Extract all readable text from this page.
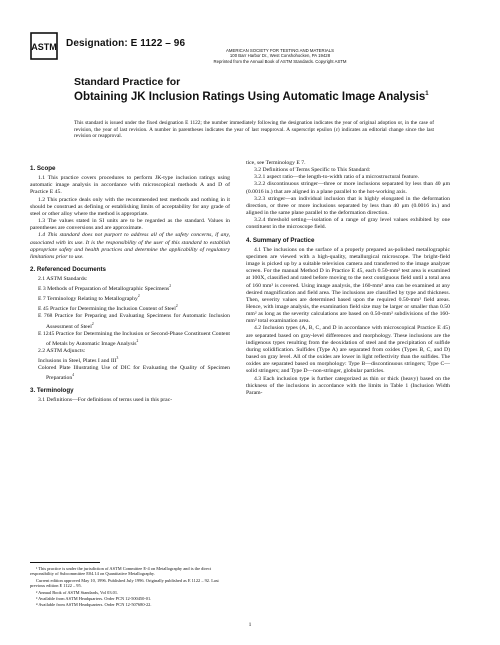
ASTM Designation: E 1122 – 96
AMERICAN SOCIETY FOR TESTING AND MATERIALS
100 Barr Harbor Dr., West Conshohocken, PA 19428
Reprinted from the Annual Book of ASTM Standards. Copyright ASTM
Standard Practice for
Obtaining JK Inclusion Ratings Using Automatic Image Analysis$^1$
This standard is issued under the fixed designation E 1122; the number immediately following the designation indicates the year of original adoption or, in the case of revision, the year of last revision. A number in parentheses indicates the year of last reapproval. A superscript epsilon (ε) indicates an editorial change since the last revision or reapproval.

1. Scope

1.1 This practice covers procedures to perform JK-type inclusion ratings using automatic image analysis in accordance with microscopical methods A and D of Practice E 45.

1.2 This practice deals only with the recommended test methods and nothing in it should be construed as defining or establishing limits of acceptability for any grade of steel or other alloy where the method is appropriate.

1.3 The values stated in SI units are to be regarded as the standard. Values in parentheses are conversions and are approximate.

1.4 This standard does not purport to address all of the safety concerns, if any, associated with its use. It is the responsibility of the user of this standard to establish appropriate safety and health practices and determine the applicability of regulatory limitations prior to use.

2. Referenced Documents

2.1 ASTM Standards:

E 3 Methods of Preparation of Metallographic Specimens$^2$

E 7 Terminology Relating to Metallography$^2$

E 45 Practice for Determining the Inclusion Content of Steel$^2$

E 768 Practice for Preparing and Evaluating Specimens for Automatic Inclusion Assessment of Steel$^2$

E 1245 Practice for Determining the Inclusion or Second-Phase Constituent Content of Metals by Automatic Image Analysis$^2$

2.2 ASTM Adjuncts:

Inclusions in Steel, Plates I and III$^3$

Colored Plate Illustrating Use of DIC for Evaluating the Quality of Specimen Preparation$^4$

3. Terminology

3.1 Definitions—For definitions of terms used in this prac-

tice, see Terminology E 7.

3.2 Definitions of Terms Specific to This Standard:

3.2.1 aspect ratio—the length-to-width ratio of a microstructural feature.

3.2.2 discontinuous stringer—three or more inclusions separated by less than 40 μm (0.0016 in.) that are aligned in a plane parallel to the hot-working axis.

3.2.3 stringer—an individual inclusion that is highly elongated in the deformation direction, or three or more inclusions separated by less than 40 μm (0.0016 in.) and aligned in the same plane parallel to the deformation direction.

3.2.4 threshold setting—isolation of a range of gray level values exhibited by one constituent in the microscope field.

4. Summary of Practice

4.1 The inclusions on the surface of a properly prepared as-polished metallographic specimen are viewed with a high-quality, metallurgical microscope. The bright-field image is picked up by a suitable television camera and transferred to the image analyzer screen. For the manual Method D in Practice E 45, each 0.50-mm² test area is examined at 100X, classified and rated before moving to the next contiguous field until a total area of 160 mm² is covered. Using image analysis, the 160-mm² area can be examined at any desired magnification and field area. The inclusions are classified by type and thickness. Then, severity values are determined based upon the required 0.50-mm² field areas. Hence, with image analysis, the examination field size may be larger or smaller than 0.50 mm² as long as the severity calculations are based on 0.50-mm² subdivisions of the 160-mm² total examination area.

4.2 Inclusion types (A, B, C, and D in accordance with microscopical Practice E 45) are separated based on gray-level differences and morphology. These inclusions are the indigenous types resulting from the deoxidation of steel and the precipitation of sulfide during solidification. Sulfides (Type A) are separated from oxides (Types B, C, and D) based on gray level. All of the oxides are lower in light reflectivity than the sulfides. The oxides are separated based on morphology: Type B—discontinuous stringers; Type C—solid stringers; and Type D—non-stringer, globular particles.

4.3 Each inclusion type is further categorized as thin or thick (heavy) based on the thickness of the inclusions in accordance with the limits in Table 1 (Inclusion Width Param-

¹ This practice is under the jurisdiction of ASTM Committee E-4 on Metallography and is the direct responsibility of Subcommittee E04.14 on Quantitative Metallography.

Current edition approved May 10, 1996. Published July 1996. Originally published as E 1122 – 92. Last previous edition E 1122 – 95.

² Annual Book of ASTM Standards, Vol 03.01.

³ Available from ASTM Headquarters. Order PCN 12-500450-01.

⁴ Available from ASTM Headquarters. Order PCN 12-507680-22.

1
